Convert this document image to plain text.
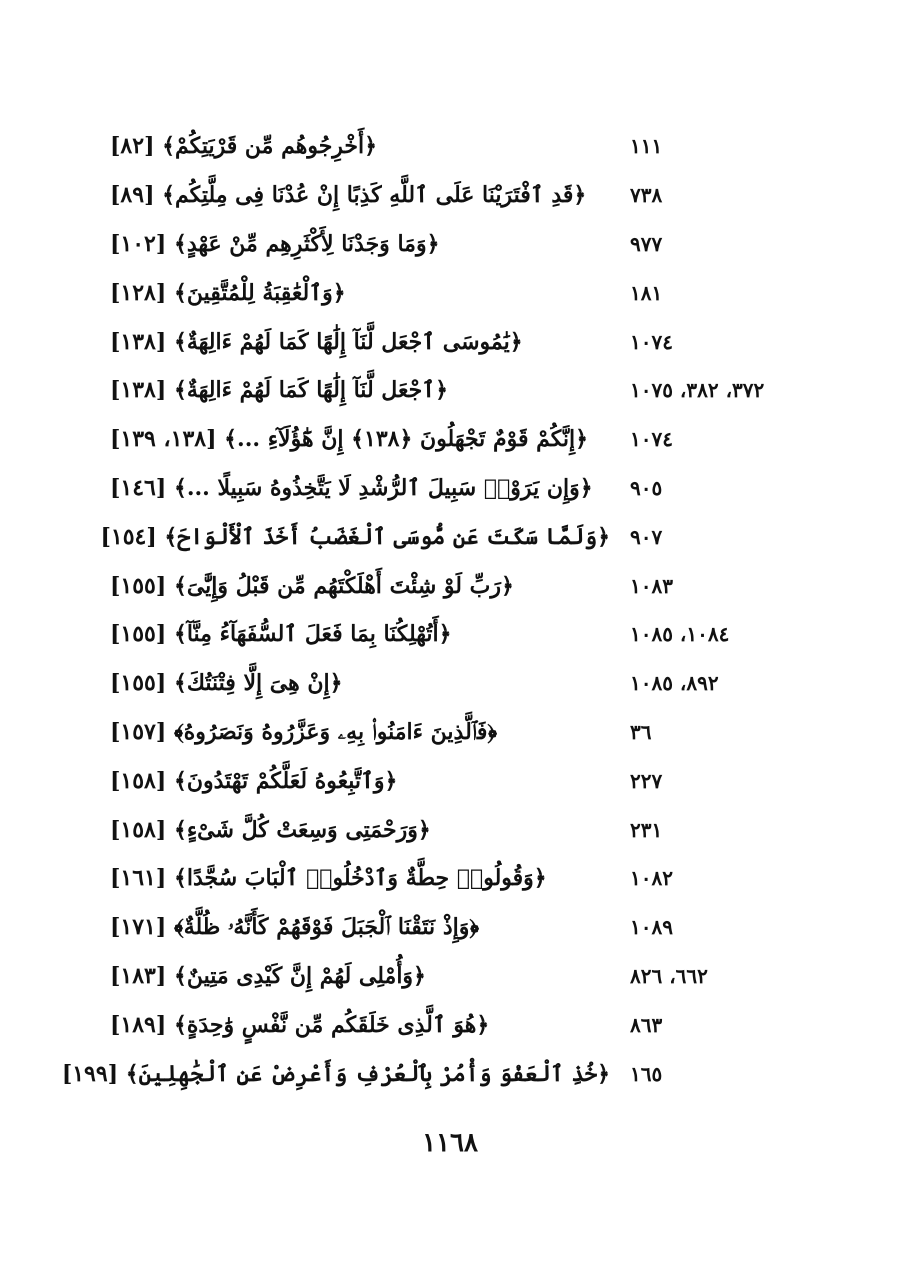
﴿أَخْرِجُوهُم مِّن قَرْيَتِكُمْ﴾ [٨٢]	١١١
﴿قَدِ ٱفْتَرَيْنَا عَلَى ٱللَّهِ كَذِبًا إِنْ عُدْنَا فِى مِلَّتِكُم﴾ [٨٩] ٧٣٨
﴿وَمَا وَجَدْنَا لِأَكْثَرِهِم مِّنْ عَهْدٍ﴾ [١٠٢]	٩٧٧
﴿وَٱلْعَٰقِبَةُ لِلْمُتَّقِينَ﴾ [١٢٨]	١٨١
﴿يَٰمُوسَى ٱجْعَل لَّنَآ إِلَٰهًا كَمَا لَهُمْ ءَالِهَةٌ﴾ [١٣٨]	١٠٧٤
﴿ٱجْعَل لَّنَآ إِلَٰهًا كَمَا لَهُمْ ءَالِهَةٌ﴾ [١٣٨]	٣٧٢، ٣٨٢، ١٠٧٥
﴿إِنَّكُمْ قَوْمٌ تَجْهَلُونَ ﴿١٣٨﴾ إِنَّ هَٰٓؤُلَآءِ ...﴾ [١٣٨، ١٣٩] ١٠٧٤
﴿وَإِن يَرَوْا۟ سَبِيلَ ٱلرُّشْدِ لَا يَتَّخِذُوهُ سَبِيلًا ...﴾ [١٤٦] ٩٠٥
﴿وَلَمَّا سَكَتَ عَن مُّوسَى ٱلْغَضَبُ أَخَذَ ٱلْأَلْوَاحَ﴾ [١٥٤] ٩٠٧
﴿رَبِّ لَوْ شِئْتَ أَهْلَكْتَهُم مِّن قَبْلُ وَإِيَّٰىَ﴾ [١٥٥]	١٠٨٣
﴿أَتُهْلِكُنَا بِمَا فَعَلَ ٱلسُّفَهَآءُ مِنَّآ﴾ [١٥٥]	١٠٨٤، ١٠٨٥
﴿إِنْ هِىَ إِلَّا فِتْنَتُكَ﴾ [١٥٥]	٨٩٢، ١٠٨٥
﴿فَٱلَّذِينَ ءَامَنُوا۟ بِهِۦ وَعَزَّرُوهُ وَنَصَرُوهُ﴾ [١٥٧]	٣٦
﴿وَٱتَّبِعُوهُ لَعَلَّكُمْ تَهْتَدُونَ﴾ [١٥٨]	٢٢٧
﴿وَرَحْمَتِى وَسِعَتْ كُلَّ شَىْءٍ﴾ [١٥٨]	٢٣١
﴿وَقُولُوا۟ حِطَّةٌ وَٱدْخُلُوا۟ ٱلْبَابَ سُجَّدًا﴾ [١٦١]	١٠٨٢
﴿وَإِذْ نَتَقْنَا ٱلْجَبَلَ فَوْقَهُمْ كَأَنَّهُۥ ظُلَّةٌ﴾ [١٧١]	١٠٨٩
﴿وَأُمْلِى لَهُمْ إِنَّ كَيْدِى مَتِينٌ﴾ [١٨٣]	٦٦٢، ٨٢٦
﴿هُوَ ٱلَّذِى خَلَقَكُم مِّن نَّفْسٍ وَٰحِدَةٍ﴾ [١٨٩]	٨٦٣
﴿خُذِ ٱلْعَفْوَ وَأْمُرْ بِٱلْعُرْفِ وَأَعْرِضْ عَنِ ٱلْجَٰهِلِينَ﴾ [١٩٩] ١٦٥
١١٦٨
